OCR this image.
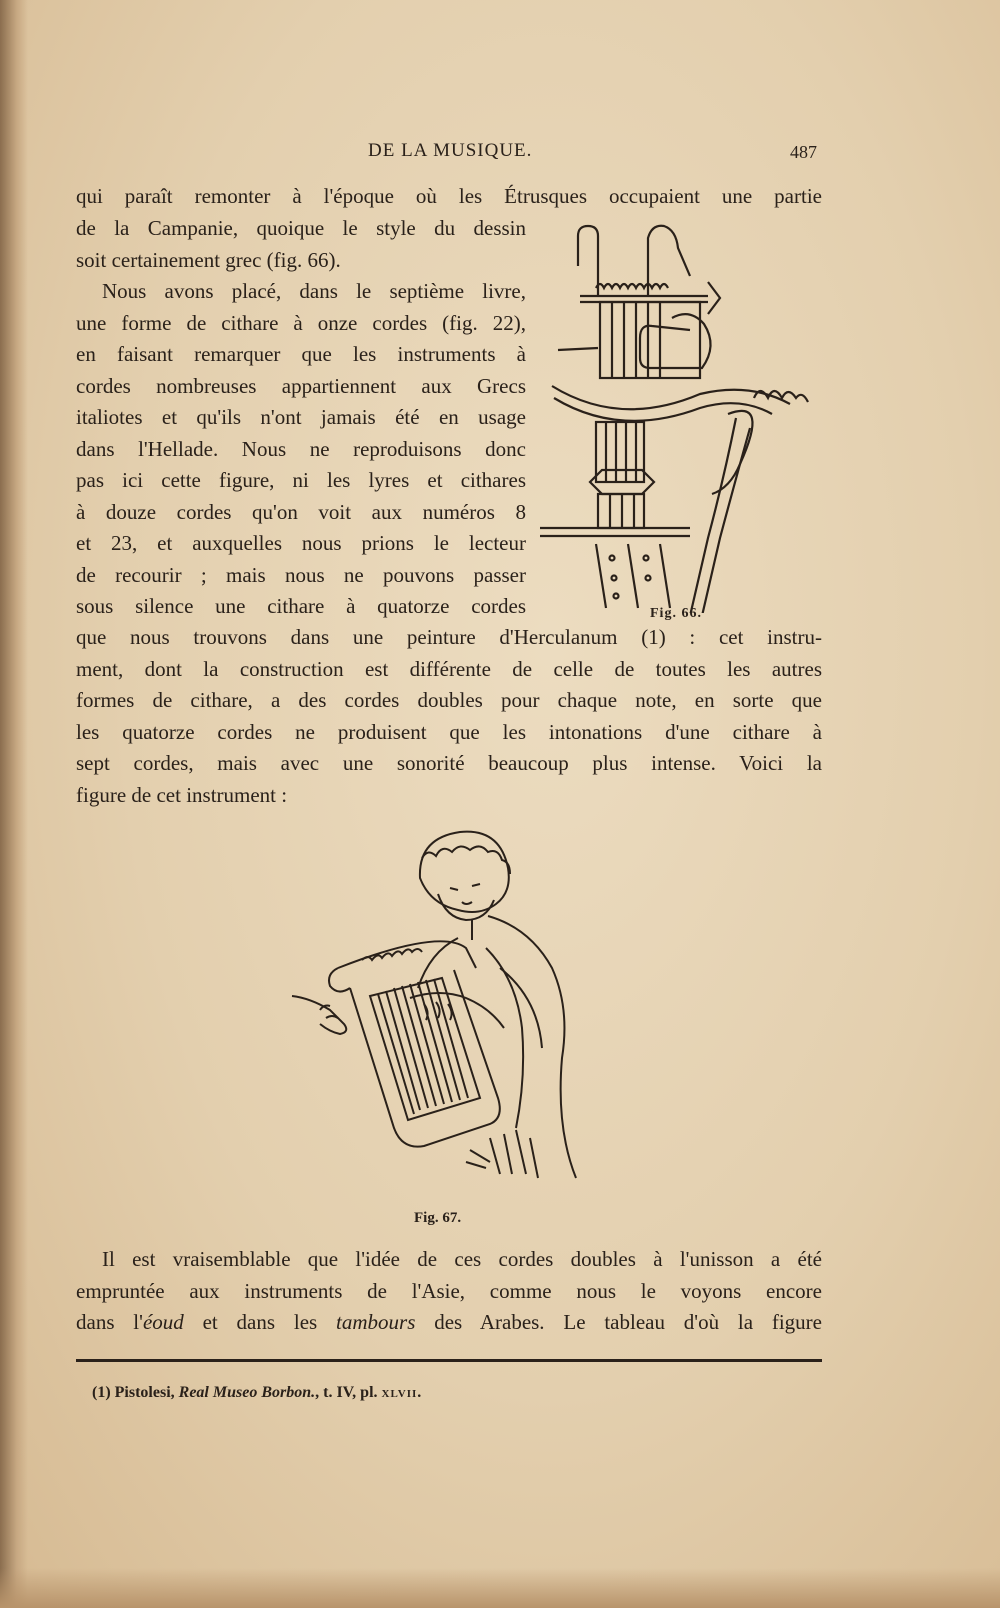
DE LA MUSIQUE.	487
qui paraît remonter à l'époque où les Étrusques occupaient une partie
de la Campanie, quoique le style du dessin
soit certainement grec (fig. 66).
Nous avons placé, dans le septième livre,
une forme de cithare à onze cordes (fig. 22),
en faisant remarquer que les instruments à
cordes nombreuses appartiennent aux Grecs
italiotes et qu'ils n'ont jamais été en usage
dans l'Hellade. Nous ne reproduisons donc
pas ici cette figure, ni les lyres et cithares
à douze cordes qu'on voit aux numéros 8
et 23, et auxquelles nous prions le lecteur
de recourir ; mais nous ne pouvons passer
sous silence une cithare à quatorze cordes	Fig. 66.
que nous trouvons dans une peinture d'Herculanum (1) : cet instru-
ment, dont la construction est différente de celle de toutes les autres
formes de cithare, a des cordes doubles pour chaque note, en sorte que
les quatorze cordes ne produisent que les intonations d'une cithare à
sept cordes, mais avec une sonorité beaucoup plus intense. Voici la
figure de cet instrument :
Fig. 67.
Il est vraisemblable que l'idée de ces cordes doubles à l'unisson a été
empruntée aux instruments de l'Asie, comme nous le voyons encore
dans l'éoud et dans les tambours des Arabes. Le tableau d'où la figure
(1) Pistolesi, Real Museo Borbon., t. IV, pl. xlvii.
